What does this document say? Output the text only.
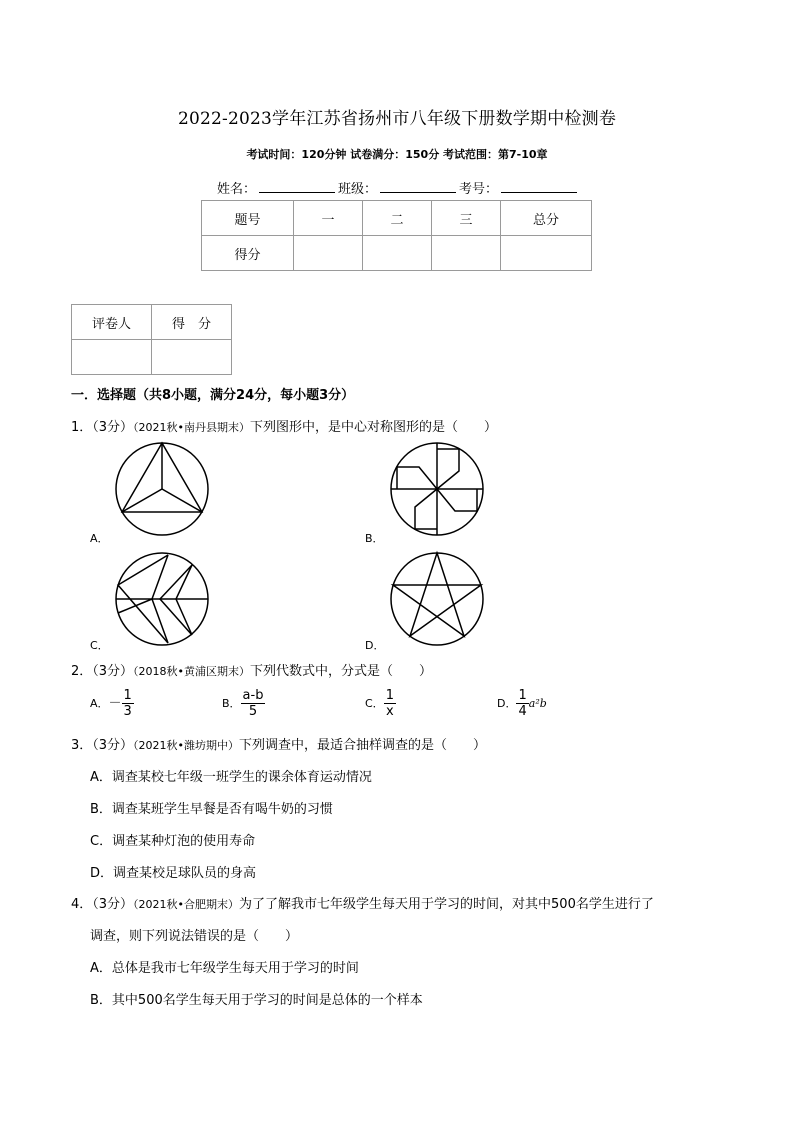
2022-2023学年江苏省扬州市八年级下册数学期中检测卷
考试时间：120分钟 试卷满分：150分 考试范围：第7-10章
姓名：	班级：	考号：
题号	一	二	三	总分
得分				
评卷人	得　分

一．选择题（共8小题，满分24分，每小题3分）
1．（3分）（2021秋•南丹县期末）下列图形中，是中心对称图形的是（　　）
A．	B．
C．	D．
2．（3分）（2018秋•黄浦区期末）下列代数式中，分式是（　　）
A．－ $\frac{1}{3}$	B． $\frac{a-b}{5}$	C． $\frac{1}{x}$	D． $\frac{1}{4} a^2b$
3．（3分）（2021秋•潍坊期中）下列调查中，最适合抽样调查的是（　　）
A．调查某校七年级一班学生的课余体育运动情况
B．调查某班学生早餐是否有喝牛奶的习惯
C．调查某种灯泡的使用寿命
D．调查某校足球队员的身高
4．（3分）（2021秋•合肥期末）为了了解我市七年级学生每天用于学习的时间，对其中500名学生进行了
调查，则下列说法错误的是（　　）
A．总体是我市七年级学生每天用于学习的时间
B．其中500名学生每天用于学习的时间是总体的一个样本
